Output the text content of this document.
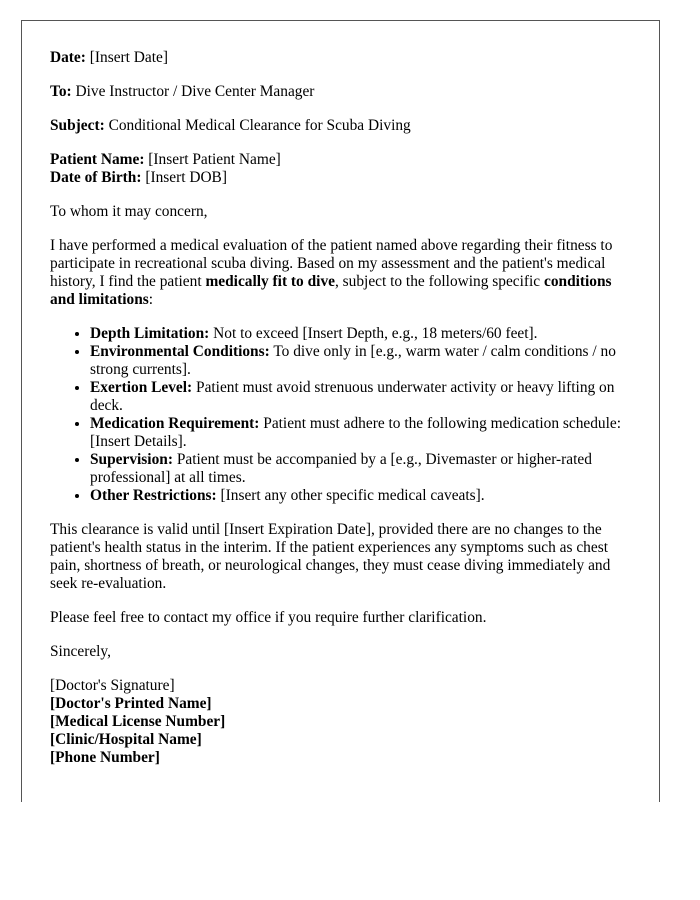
Date: [Insert Date]

To: Dive Instructor / Dive Center Manager

Subject: Conditional Medical Clearance for Scuba Diving

Patient Name: [Insert Patient Name]
Date of Birth: [Insert DOB]

To whom it may concern,

I have performed a medical evaluation of the patient named above regarding their fitness to participate in recreational scuba diving. Based on my assessment and the patient's medical history, I find the patient medically fit to dive, subject to the following specific conditions and limitations:

• Depth Limitation: Not to exceed [Insert Depth, e.g., 18 meters/60 feet].
• Environmental Conditions: To dive only in [e.g., warm water / calm conditions / no strong currents].
• Exertion Level: Patient must avoid strenuous underwater activity or heavy lifting on deck.
• Medication Requirement: Patient must adhere to the following medication schedule: [Insert Details].
• Supervision: Patient must be accompanied by a [e.g., Divemaster or higher-rated professional] at all times.
• Other Restrictions: [Insert any other specific medical caveats].

This clearance is valid until [Insert Expiration Date], provided there are no changes to the patient's health status in the interim. If the patient experiences any symptoms such as chest pain, shortness of breath, or neurological changes, they must cease diving immediately and seek re-evaluation.

Please feel free to contact my office if you require further clarification.

Sincerely,

[Doctor's Signature]
[Doctor's Printed Name]
[Medical License Number]
[Clinic/Hospital Name]
[Phone Number]
